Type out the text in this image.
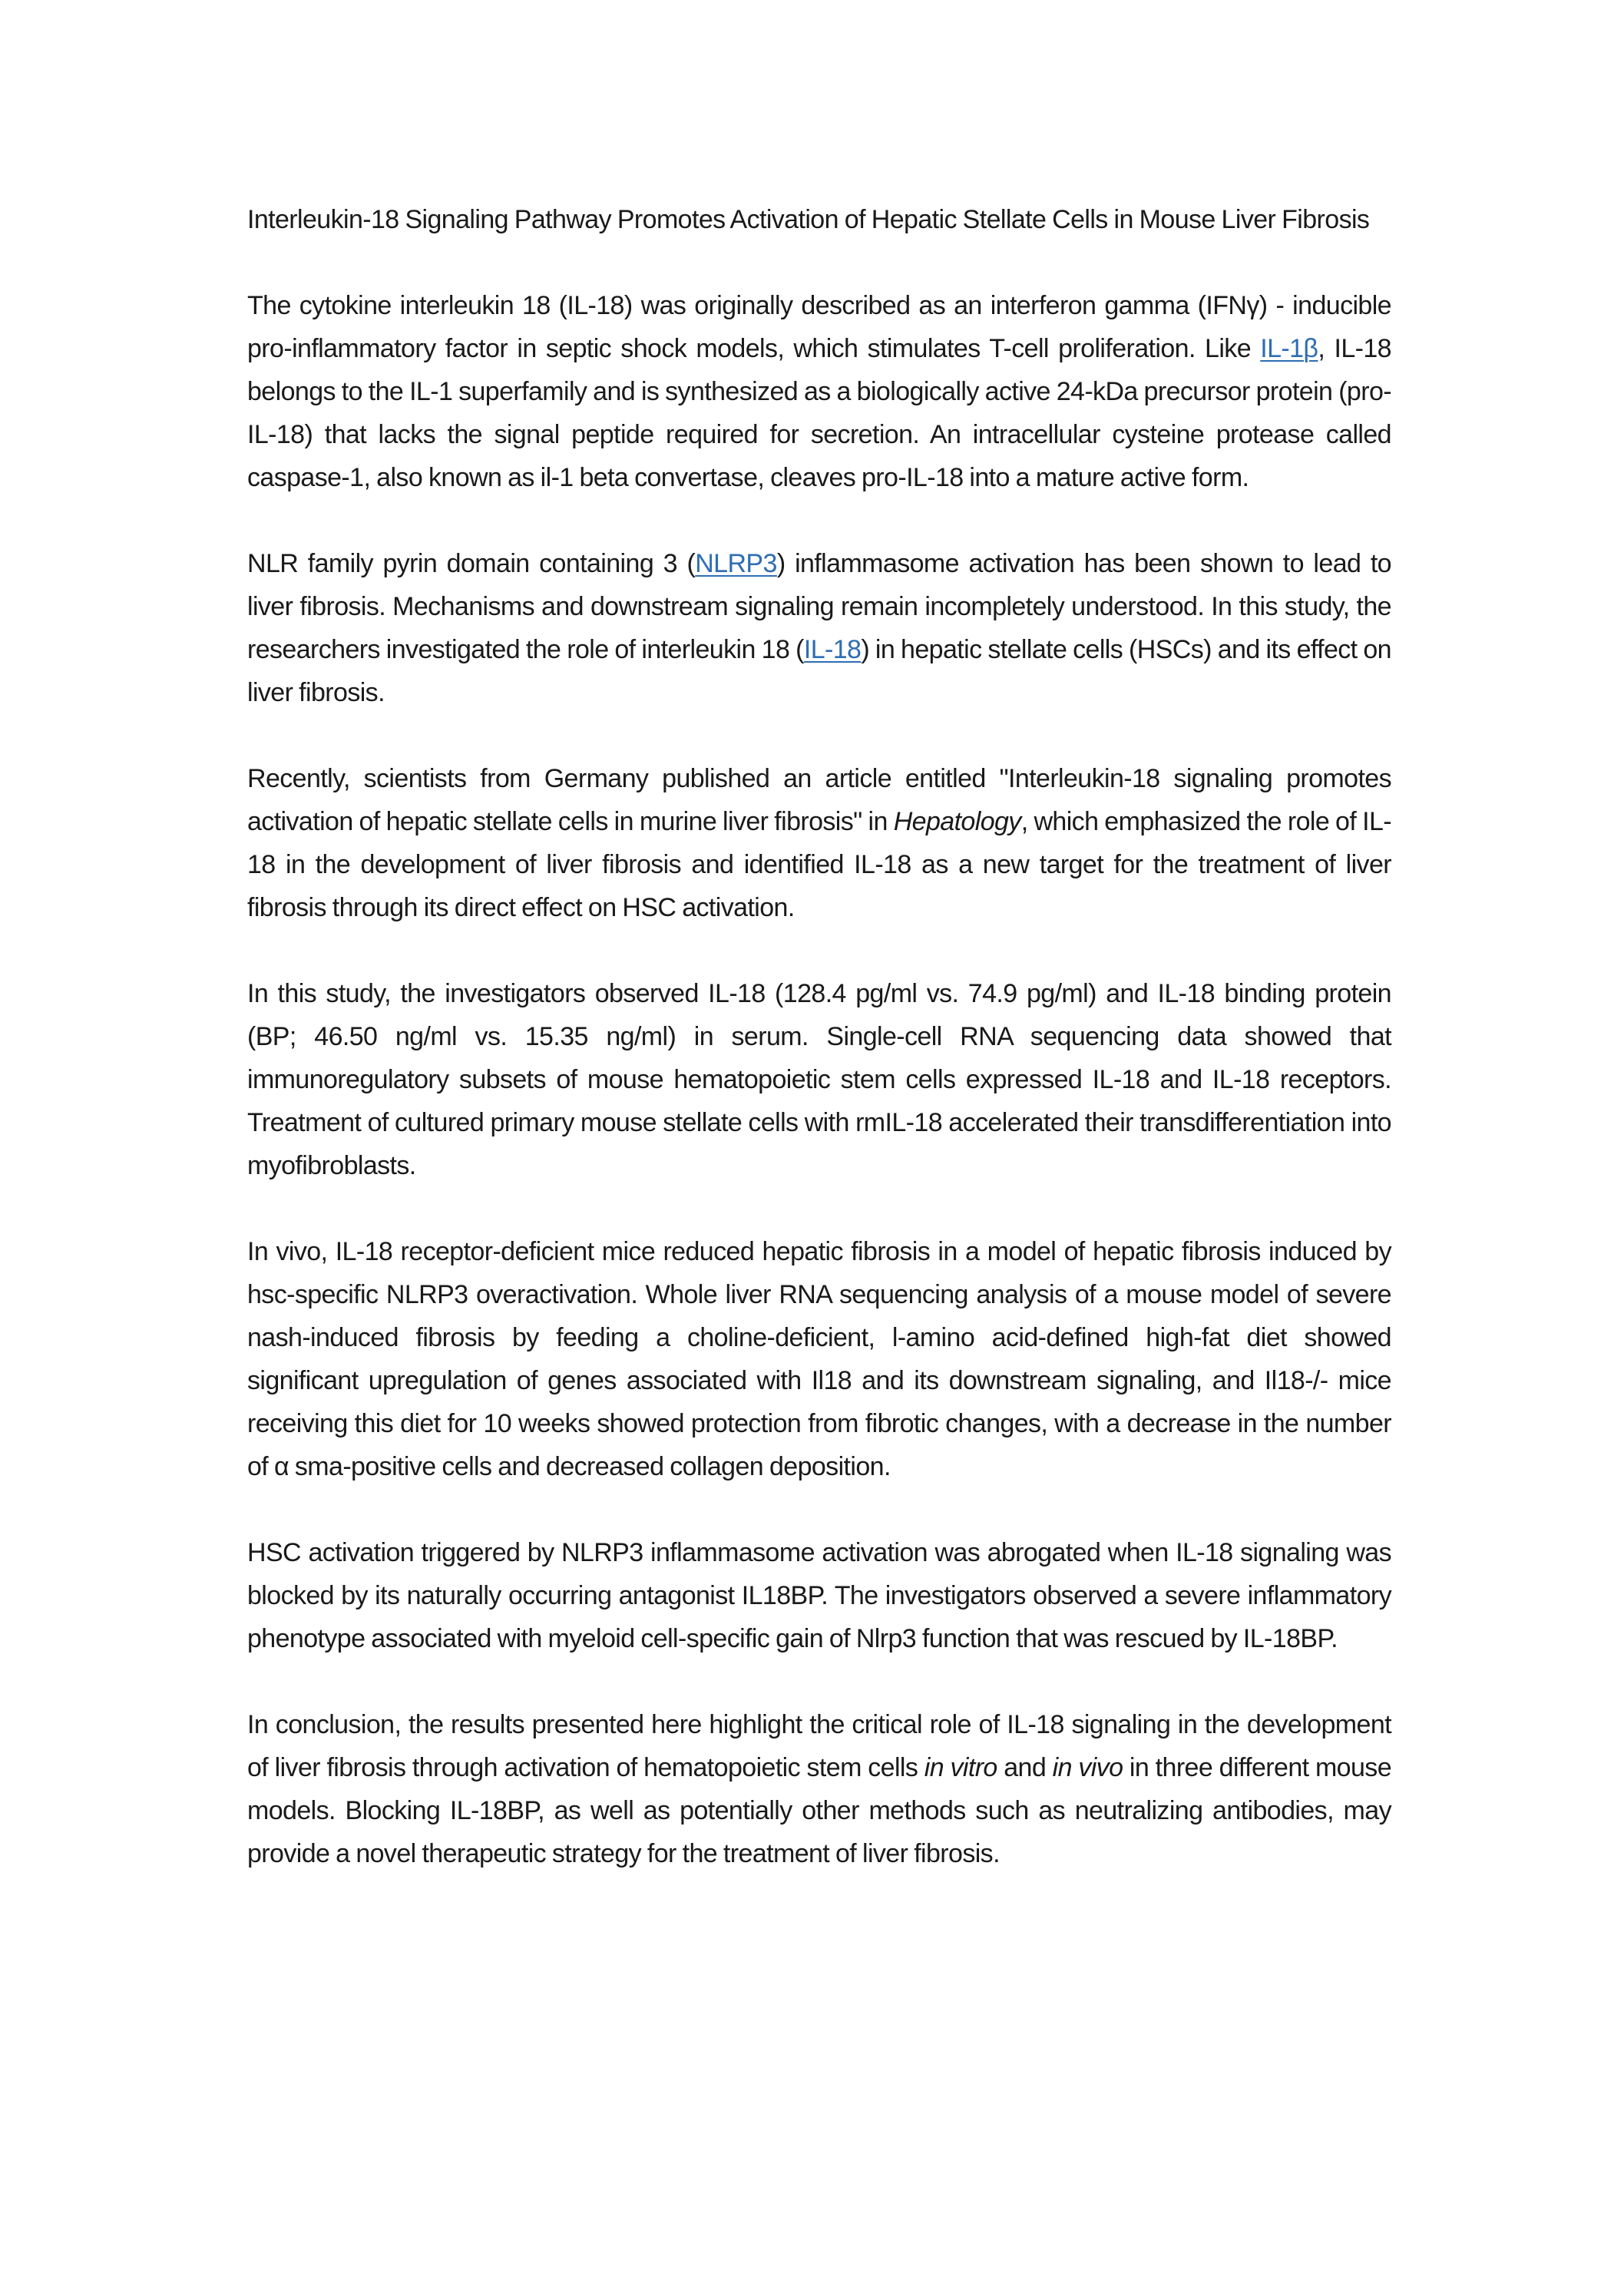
Interleukin-18 Signaling Pathway Promotes Activation of Hepatic Stellate Cells in Mouse Liver Fibrosis

The cytokine interleukin 18 (IL-18) was originally described as an interferon gamma (IFNγ) - inducible pro-inflammatory factor in septic shock models, which stimulates T-cell proliferation. Like IL-1β, IL-18 belongs to the IL-1 superfamily and is synthesized as a biologically active 24-kDa precursor protein (pro-IL-18) that lacks the signal peptide required for secretion. An intracellular cysteine protease called caspase-1, also known as il-1 beta convertase, cleaves pro-IL-18 into a mature active form.

NLR family pyrin domain containing 3 (NLRP3) inflammasome activation has been shown to lead to liver fibrosis. Mechanisms and downstream signaling remain incompletely understood. In this study, the researchers investigated the role of interleukin 18 (IL-18) in hepatic stellate cells (HSCs) and its effect on liver fibrosis.

Recently, scientists from Germany published an article entitled "Interleukin-18 signaling promotes activation of hepatic stellate cells in murine liver fibrosis" in Hepatology, which emphasized the role of IL-18 in the development of liver fibrosis and identified IL-18 as a new target for the treatment of liver fibrosis through its direct effect on HSC activation.

In this study, the investigators observed IL-18 (128.4 pg/ml vs. 74.9 pg/ml) and IL-18 binding protein (BP; 46.50 ng/ml vs. 15.35 ng/ml) in serum. Single-cell RNA sequencing data showed that immunoregulatory subsets of mouse hematopoietic stem cells expressed IL-18 and IL-18 receptors. Treatment of cultured primary mouse stellate cells with rmIL-18 accelerated their transdifferentiation into myofibroblasts.

In vivo, IL-18 receptor-deficient mice reduced hepatic fibrosis in a model of hepatic fibrosis induced by hsc-specific NLRP3 overactivation. Whole liver RNA sequencing analysis of a mouse model of severe nash-induced fibrosis by feeding a choline-deficient, l-amino acid-defined high-fat diet showed significant upregulation of genes associated with Il18 and its downstream signaling, and Il18-/- mice receiving this diet for 10 weeks showed protection from fibrotic changes, with a decrease in the number of α sma-positive cells and decreased collagen deposition.

HSC activation triggered by NLRP3 inflammasome activation was abrogated when IL-18 signaling was blocked by its naturally occurring antagonist IL18BP. The investigators observed a severe inflammatory phenotype associated with myeloid cell-specific gain of Nlrp3 function that was rescued by IL-18BP.

In conclusion, the results presented here highlight the critical role of IL-18 signaling in the development of liver fibrosis through activation of hematopoietic stem cells in vitro and in vivo in three different mouse models. Blocking IL-18BP, as well as potentially other methods such as neutralizing antibodies, may provide a novel therapeutic strategy for the treatment of liver fibrosis.
